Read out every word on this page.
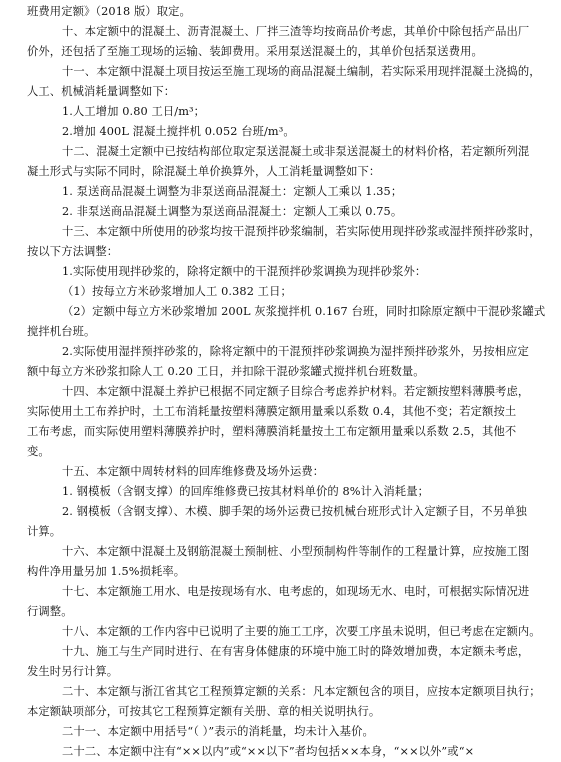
班费用定额》（2018 版）取定。
十、本定额中的混凝土、沥青混凝土、厂拌三渣等均按商品价考虑，其单价中除包括产品出厂
价外，还包括了至施工现场的运输、装卸费用。采用泵送混凝土的，其单价包括泵送费用。
十一、本定额中混凝土项目按运至施工现场的商品混凝土编制，若实际采用现拌混凝土浇捣的，
人工、机械消耗量调整如下：
1.人工增加 0.80 工日/m³；
2.增加 400L 混凝土搅拌机 0.052 台班/m³。
十二、混凝土定额中已按结构部位取定泵送混凝土或非泵送混凝土的材料价格，若定额所列混
凝土形式与实际不同时，除混凝土单价换算外，人工消耗量调整如下：
1. 泵送商品混凝土调整为非泵送商品混凝土：定额人工乘以 1.35；
2. 非泵送商品混凝土调整为泵送商品混凝土：定额人工乘以 0.75。
十三、本定额中所使用的砂浆均按干混预拌砂浆编制，若实际使用现拌砂浆或湿拌预拌砂浆时，
按以下方法调整：
1.实际使用现拌砂浆的，除将定额中的干混预拌砂浆调换为现拌砂浆外：
（1）按每立方米砂浆增加人工 0.382 工日；
（2）定额中每立方米砂浆增加 200L 灰浆搅拌机 0.167 台班，同时扣除原定额中干混砂浆罐式
搅拌机台班。
2.实际使用湿拌预拌砂浆的，除将定额中的干混预拌砂浆调换为湿拌预拌砂浆外，另按相应定
额中每立方米砂浆扣除人工 0.20 工日，并扣除干混砂浆罐式搅拌机台班数量。
十四、本定额中混凝土养护已根据不同定额子目综合考虑养护材料。若定额按塑料薄膜考虑，
实际使用土工布养护时，土工布消耗量按塑料薄膜定额用量乘以系数 0.4，其他不变；若定额按土
工布考虑，而实际使用塑料薄膜养护时，塑料薄膜消耗量按土工布定额用量乘以系数 2.5，其他不
变。
十五、本定额中周转材料的回库维修费及场外运费：
1. 钢模板（含钢支撑）的回库维修费已按其材料单价的 8%计入消耗量；
2. 钢模板（含钢支撑）、木模、脚手架的场外运费已按机械台班形式计入定额子目，不另单独
计算。
十六、本定额中混凝土及钢筋混凝土预制桩、小型预制构件等制作的工程量计算，应按施工图
构件净用量另加 1.5%损耗率。
十七、本定额施工用水、电是按现场有水、电考虑的，如现场无水、电时，可根据实际情况进
行调整。
十八、本定额的工作内容中已说明了主要的施工工序，次要工序虽未说明，但已考虑在定额内。
十九、施工与生产同时进行、在有害身体健康的环境中施工时的降效增加费，本定额未考虑，
发生时另行计算。
二十、本定额与浙江省其它工程预算定额的关系：凡本定额包含的项目，应按本定额项目执行；
本定额缺项部分，可按其它工程预算定额有关册、章的相关说明执行。
二十一、本定额中用括号“（ ）”表示的消耗量，均未计入基价。
二十二、本定额中注有“××以内”或“××以下”者均包括××本身，“××以外”或“×
